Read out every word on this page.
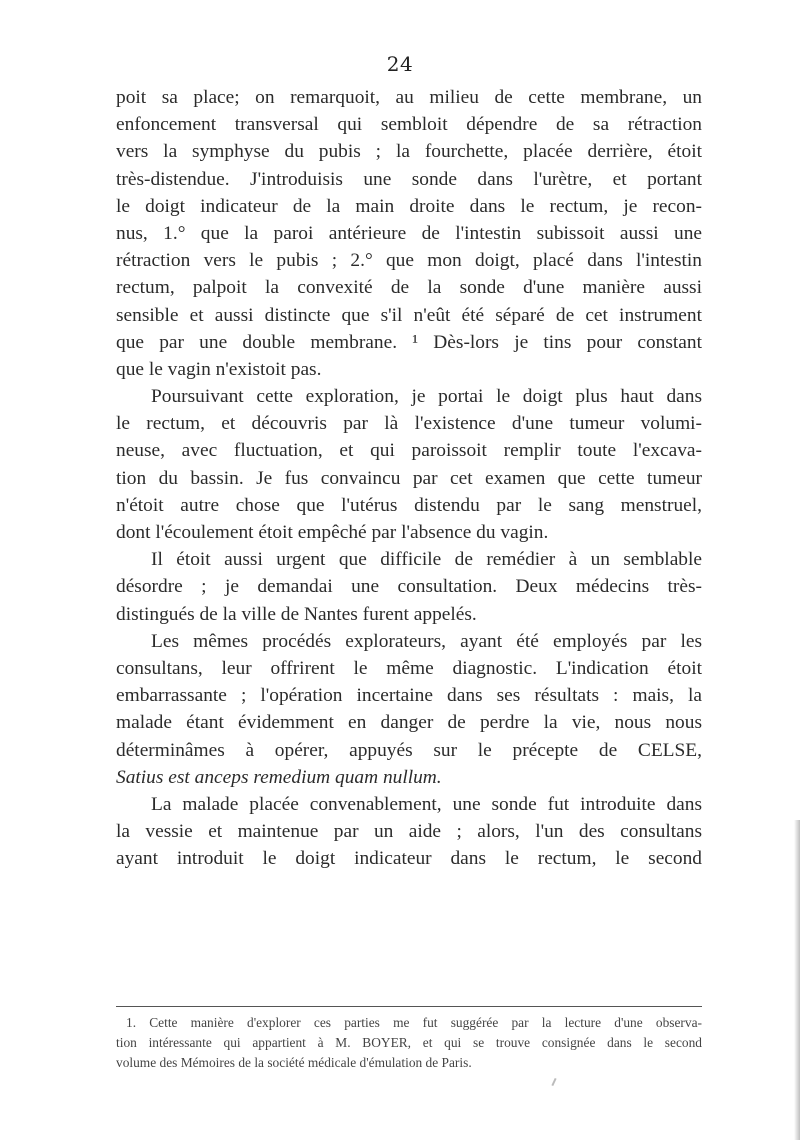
24
poit sa place; on remarquoit, au milieu de cette membrane, un
enfoncement transversal qui sembloit dépendre de sa rétraction
vers la symphyse du pubis ; la fourchette, placée derrière, étoit
très-distendue. J'introduisis une sonde dans l'urètre, et portant
le doigt indicateur de la main droite dans le rectum, je recon-
nus, 1.° que la paroi antérieure de l'intestin subissoit aussi une
rétraction vers le pubis ; 2.° que mon doigt, placé dans l'intestin
rectum, palpoit la convexité de la sonde d'une manière aussi
sensible et aussi distincte que s'il n'eût été séparé de cet instrument
que par une double membrane. ¹ Dès-lors je tins pour constant
que le vagin n'existoit pas.
Poursuivant cette exploration, je portai le doigt plus haut dans
le rectum, et découvris par là l'existence d'une tumeur volumi-
neuse, avec fluctuation, et qui paroissoit remplir toute l'excava-
tion du bassin. Je fus convaincu par cet examen que cette tumeur
n'étoit autre chose que l'utérus distendu par le sang menstruel,
dont l'écoulement étoit empêché par l'absence du vagin.
Il étoit aussi urgent que difficile de remédier à un semblable
désordre ; je demandai une consultation. Deux médecins très-
distingués de la ville de Nantes furent appelés.
Les mêmes procédés explorateurs, ayant été employés par les
consultans, leur offrirent le même diagnostic. L'indication étoit
embarrassante ; l'opération incertaine dans ses résultats : mais, la
malade étant évidemment en danger de perdre la vie, nous nous
déterminâmes à opérer, appuyés sur le précepte de CELSE,
Satius est anceps remedium quam nullum.
La malade placée convenablement, une sonde fut introduite dans
la vessie et maintenue par un aide ; alors, l'un des consultans
ayant introduit le doigt indicateur dans le rectum, le second
1. Cette manière d'explorer ces parties me fut suggérée par la lecture d'une observa-
tion intéressante qui appartient à M. BOYER, et qui se trouve consignée dans le second
volume des Mémoires de la société médicale d'émulation de Paris.
